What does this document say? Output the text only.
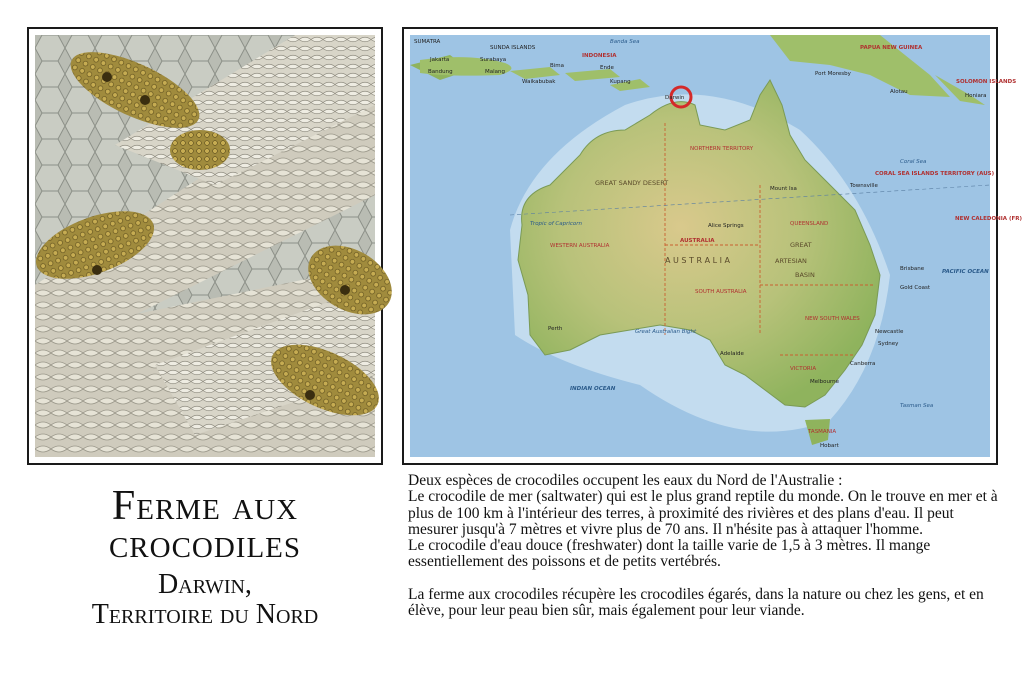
SUMATRA
SUNDA ISLANDS
Banda Sea
INDONESIA
PAPUA NEW GUINEA
SOLOMON ISLANDS
Jakarta
Bandung
Surabaya
Malang
Bima
Waikabubak
Ende
Kupang
Port Moresby
Alotau
Honiara
Darwin
NORTHERN TERRITORY
GREAT SANDY DESERT
Mount Isa	Townsville
Coral Sea
CORAL SEA ISLANDS TERRITORY (AUS)
NEW CALEDONIA (FR)
Tropic of Capricorn	Alice Springs	QUEENSLAND
WESTERN AUSTRALIA
AUSTRALIA	GREAT
A U S T R A L I A	ARTESIAN
BASIN
Brisbane
Gold Coast
PACIFIC OCEAN
SOUTH AUSTRALIA
Perth	Great Australian Bight
NEW SOUTH WALES
Newcastle
Sydney
Canberra
Adelaide
VICTORIA
Melbourne
INDIAN OCEAN
Tasman Sea
TASMANIA
Hobart
Ferme aux
crocodiles
Darwin,
Territoire du Nord

Deux espèces de crocodiles occupent les eaux du Nord de l'Australie :

Le crocodile de mer (saltwater) qui est le plus grand reptile du monde. On le trouve en mer et à plus de 100 km à l'intérieur des terres, à proximité des rivières et des plans d'eau. Il peut mesurer jusqu'à 7 mètres et vivre plus de 70 ans. Il n'hésite pas à attaquer l'homme.

Le crocodile d'eau douce (freshwater) dont la taille varie de 1,5 à 3 mètres. Il mange essentiellement des poissons et de petits vertébrés.

La ferme aux crocodiles récupère les crocodiles égarés, dans la nature ou chez les gens, et en élève, pour leur peau bien sûr, mais également pour leur viande.
